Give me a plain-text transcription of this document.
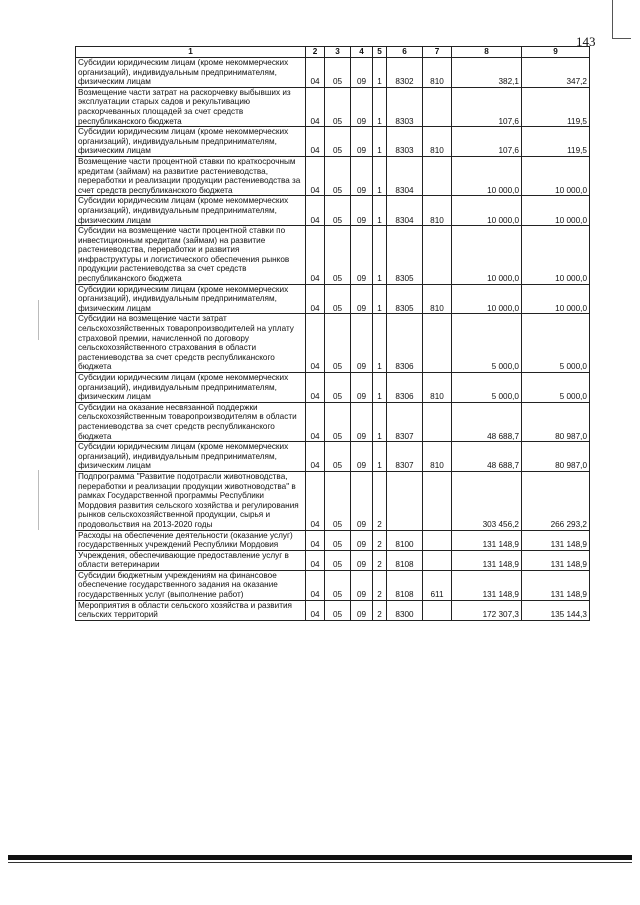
143
1	2	3	4	5	6	7	8	9
Субсидии юридическим лицам (кроме некоммерческих организаций), индивидуальным предпринимателям, физическим лицам	04	05	09	1	8302	810	382,1	347,2
Возмещение части затрат на раскорчевку выбывших из эксплуатации старых садов и рекультивацию раскорчеванных площадей за счет средств республиканского бюджета	04	05	09	1	8303		107,6	119,5
Субсидии юридическим лицам (кроме некоммерческих организаций), индивидуальным предпринимателям, физическим лицам	04	05	09	1	8303	810	107,6	119,5
Возмещение части процентной ставки по краткосрочным кредитам (займам) на развитие растениеводства, переработки и реализации продукции растениеводства за счет средств республиканского бюджета	04	05	09	1	8304		10 000,0	10 000,0
Субсидии юридическим лицам (кроме некоммерческих организаций), индивидуальным предпринимателям, физическим лицам	04	05	09	1	8304	810	10 000,0	10 000,0
Субсидии на возмещение части процентной ставки по инвестиционным кредитам (займам) на развитие растениеводства, переработки и развития инфраструктуры и логистического обеспечения рынков продукции растениеводства за счет средств республиканского бюджета	04	05	09	1	8305		10 000,0	10 000,0
Субсидии юридическим лицам (кроме некоммерческих организаций), индивидуальным предпринимателям, физическим лицам	04	05	09	1	8305	810	10 000,0	10 000,0
Субсидии на возмещение части затрат сельскохозяйственных товаропроизводителей на уплату страховой премии, начисленной по договору сельскохозяйственного страхования в области растениеводства за счет средств республиканского бюджета	04	05	09	1	8306		5 000,0	5 000,0
Субсидии юридическим лицам (кроме некоммерческих организаций), индивидуальным предпринимателям, физическим лицам	04	05	09	1	8306	810	5 000,0	5 000,0
Субсидии на оказание несвязанной поддержки сельскохозяйственным товаропроизводителям в области растениеводства за счет средств республиканского бюджета	04	05	09	1	8307		48 688,7	80 987,0
Субсидии юридическим лицам (кроме некоммерческих организаций), индивидуальным предпринимателям, физическим лицам	04	05	09	1	8307	810	48 688,7	80 987,0
Подпрограмма "Развитие подотрасли животноводства, переработки и реализации продукции животноводства" в рамках Государственной программы Республики Мордовия развития сельского хозяйства и регулирования рынков сельскохозяйственной продукции, сырья и продовольствия на 2013-2020 годы	04	05	09	2			303 456,2	266 293,2
Расходы на обеспечение деятельности (оказание услуг) государственных учреждений Республики Мордовия	04	05	09	2	8100		131 148,9	131 148,9
Учреждения, обеспечивающие предоставление услуг в области ветеринарии	04	05	09	2	8108		131 148,9	131 148,9
Субсидии бюджетным учреждениям на финансовое обеспечение государственного задания на оказание государственных услуг (выполнение работ)	04	05	09	2	8108	611	131 148,9	131 148,9
Мероприятия в области сельского хозяйства и развития сельских территорий	04	05	09	2	8300		172 307,3	135 144,3
